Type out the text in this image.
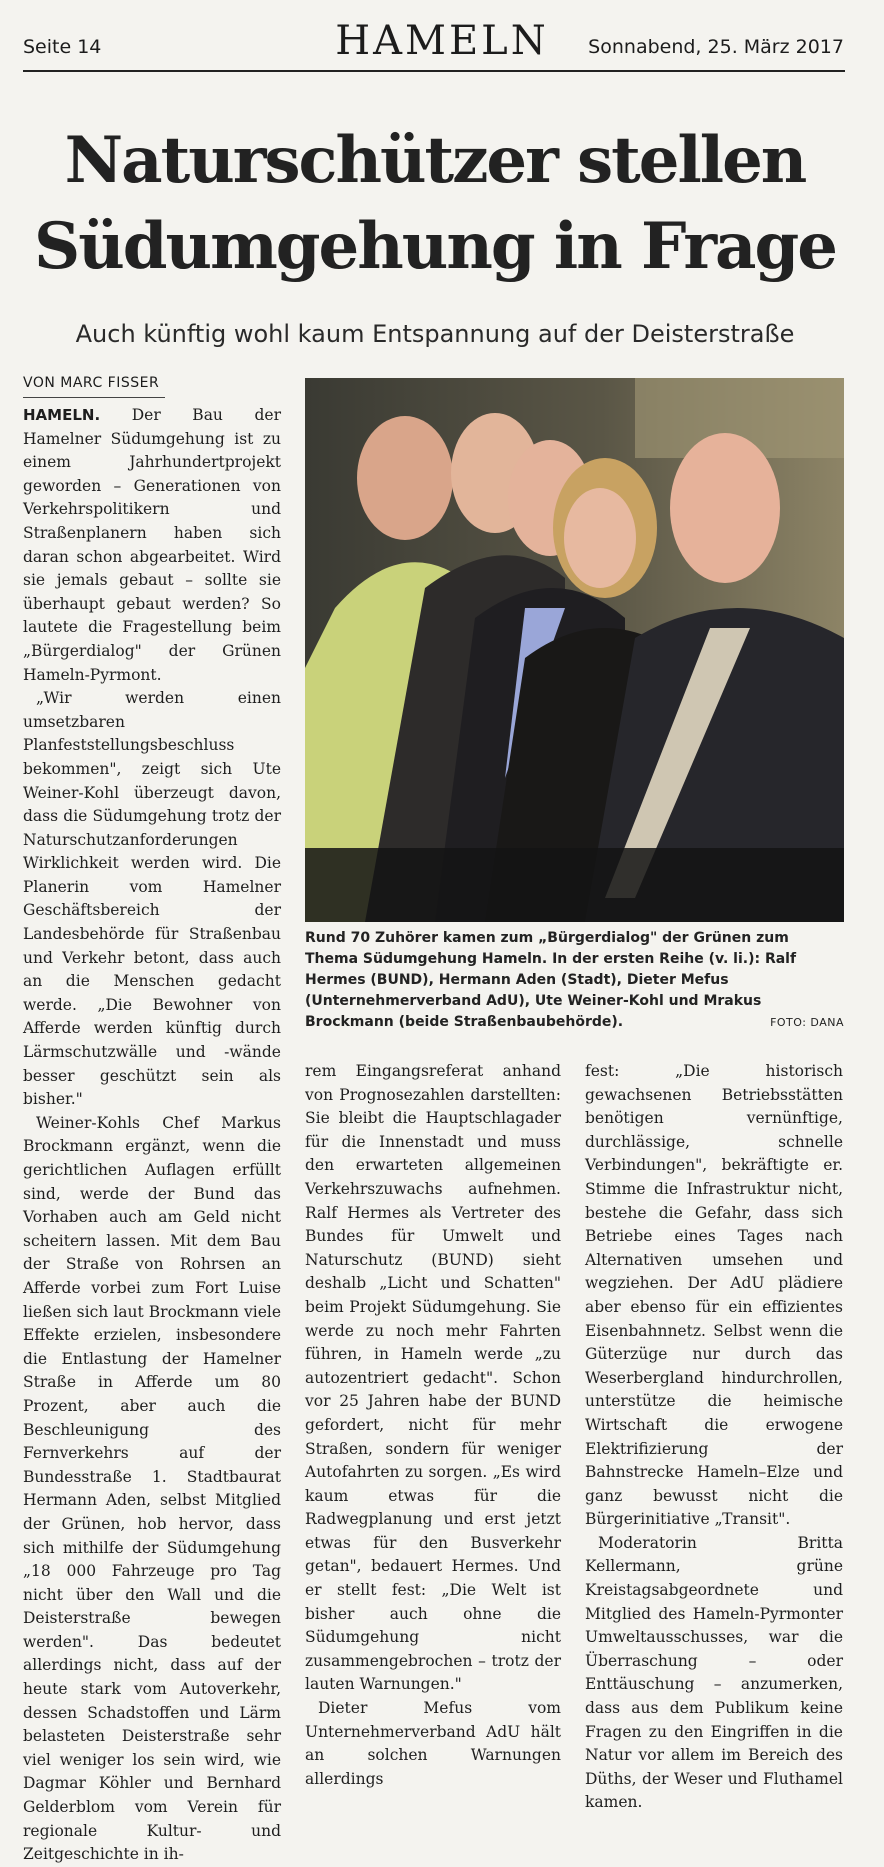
Seite 14	HAMELN	Sonnabend, 25. März 2017
Naturschützer stellen
Südumgehung in Frage
Auch künftig wohl kaum Entspannung auf der Deisterstraße
VON MARC FISSER

HAMELN. Der Bau der Hamelner Südumgehung ist zu einem Jahrhundertprojekt geworden – Generationen von Verkehrspolitikern und Straßenplanern haben sich daran schon abgearbeitet. Wird sie jemals gebaut – sollte sie überhaupt gebaut werden? So lautete die Fragestellung beim „Bürgerdialog" der Grünen Hameln-Pyrmont.

„Wir werden einen umsetzbaren Planfeststellungsbeschluss bekommen", zeigt sich Ute Weiner-Kohl überzeugt davon, dass die Südumgehung trotz der Naturschutzanforderungen Wirklichkeit werden wird. Die Planerin vom Hamelner Geschäftsbereich der Landesbehörde für Straßenbau und Verkehr betont, dass auch an die Menschen gedacht werde. „Die Bewohner von Afferde werden künftig durch Lärmschutzwälle und -wände besser geschützt sein als bisher."

Weiner-Kohls Chef Markus Brockmann ergänzt, wenn die gerichtlichen Auflagen erfüllt sind, werde der Bund das Vorhaben auch am Geld nicht scheitern lassen. Mit dem Bau der Straße von Rohrsen an Afferde vorbei zum Fort Luise ließen sich laut Brockmann viele Effekte erzielen, insbesondere die Entlastung der Hamelner Straße in Afferde um 80 Prozent, aber auch die Beschleunigung des Fernverkehrs auf der Bundesstraße 1. Stadtbaurat Hermann Aden, selbst Mitglied der Grünen, hob hervor, dass sich mithilfe der Südumgehung „18 000 Fahrzeuge pro Tag nicht über den Wall und die Deisterstraße bewegen werden". Das bedeutet allerdings nicht, dass auf der heute stark vom Autoverkehr, dessen Schadstoffen und Lärm belasteten Deisterstraße sehr viel weniger los sein wird, wie Dagmar Köhler und Bernhard Gelderblom vom Verein für regionale Kultur- und Zeitgeschichte in ih-

Rund 70 Zuhörer kamen zum „Bürgerdialog" der Grünen zum Thema Südumgehung Hameln. In der ersten Reihe (v. li.): Ralf Hermes (BUND), Hermann Aden (Stadt), Dieter Mefus (Unternehmerverband AdU), Ute Weiner-Kohl und Mrakus Brockmann (beide Straßenbaubehörde).	FOTO: DANA

rem Eingangsreferat anhand von Prognosezahlen darstellten: Sie bleibt die Hauptschlagader für die Innenstadt und muss den erwarteten allgemeinen Verkehrszuwachs aufnehmen. Ralf Hermes als Vertreter des Bundes für Umwelt und Naturschutz (BUND) sieht deshalb „Licht und Schatten" beim Projekt Südumgehung. Sie werde zu noch mehr Fahrten führen, in Hameln werde „zu autozentriert gedacht". Schon vor 25 Jahren habe der BUND gefordert, nicht für mehr Straßen, sondern für weniger Autofahrten zu sorgen. „Es wird kaum etwas für die Radwegplanung und erst jetzt etwas für den Busverkehr getan", bedauert Hermes. Und er stellt fest: „Die Welt ist bisher auch ohne die Südumgehung nicht zusammengebrochen – trotz der lauten Warnungen."

Dieter Mefus vom Unternehmerverband AdU hält an solchen Warnungen allerdings

fest: „Die historisch gewachsenen Betriebsstätten benötigen vernünftige, durchlässige, schnelle Verbindungen", bekräftigte er. Stimme die Infrastruktur nicht, bestehe die Gefahr, dass sich Betriebe eines Tages nach Alternativen umsehen und wegziehen. Der AdU plädiere aber ebenso für ein effizientes Eisenbahnnetz. Selbst wenn die Güterzüge nur durch das Weserbergland hindurchrollen, unterstütze die heimische Wirtschaft die erwogene Elektrifizierung der Bahnstrecke Hameln–Elze und ganz bewusst nicht die Bürgerinitiative „Transit".

Moderatorin Britta Kellermann, grüne Kreistagsabgeordnete und Mitglied des Hameln-Pyrmonter Umweltausschusses, war die Überraschung – oder Enttäuschung – anzumerken, dass aus dem Publikum keine Fragen zu den Eingriffen in die Natur vor allem im Bereich des Düths, der Weser und Fluthamel kamen.
